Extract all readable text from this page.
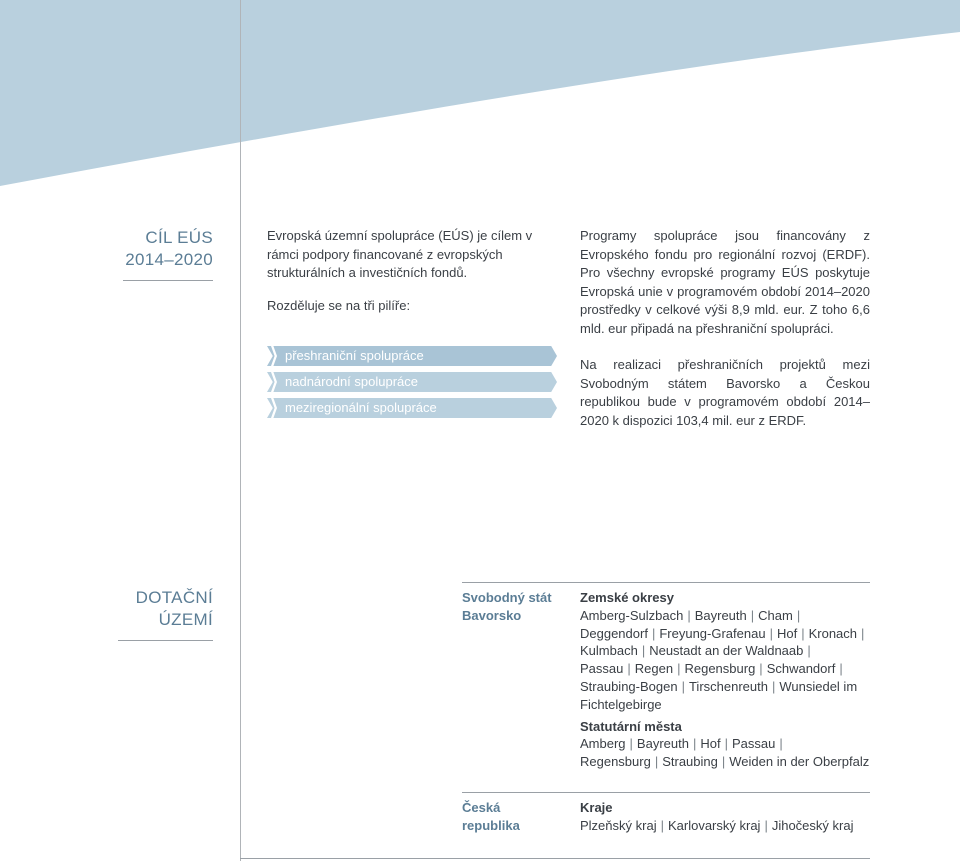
CÍL EÚS
2014–2020

Evropská územní spolupráce (EÚS) je cílem v rámci podpory financované z evropských strukturálních a investičních fondů.

Rozděluje se na tři pilíře:

přeshraniční spolupráce
nadnárodní spolupráce
meziregionální spolupráce

Programy spolupráce jsou financovány z Evropského fondu pro regionální rozvoj (ERDF). Pro všechny evropské programy EÚS poskytuje Evropská unie v programovém období 2014–2020 prostředky v celkové výši 8,9 mld. eur. Z toho 6,6 mld. eur připadá na přeshraniční spolupráci.

Na realizaci přeshraničních projektů mezi Svobodným státem Bavorsko a Českou republikou bude v programovém období 2014–2020 k dispozici 103,4 mil. eur z ERDF.

DOTAČNÍ
ÚZEMÍ
Svobodný stát
Bavorsko
Zemské okresy
Amberg-Sulzbach | Bayreuth | Cham |
Deggendorf | Freyung-Grafenau | Hof | Kronach |
Kulmbach | Neustadt an der Waldnaab |
Passau | Regen | Regensburg | Schwandorf |
Straubing-Bogen | Tirschenreuth | Wunsiedel im Fichtelgebirge
Statutární města
Amberg | Bayreuth | Hof | Passau |
Regensburg | Straubing | Weiden in der Oberpfalz
Česká
republika
Kraje
Plzeňský kraj | Karlovarský kraj | Jihočeský kraj
